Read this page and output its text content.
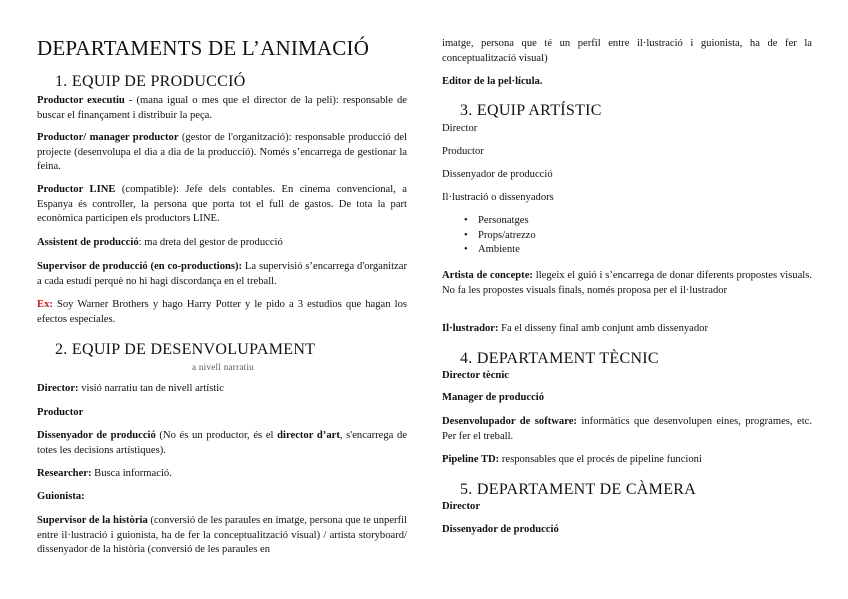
DEPARTAMENTS DE L’ANIMACIÓ
1. EQUIP DE PRODUCCIÓ

Productor executiu - (mana igual o mes que el director de la peli): responsable de buscar el finançament i distribuir la peça.

Productor/ manager productor (gestor de l'organització): responsable producció del projecte (desenvolupa el dia a dia de la producció). Només s’encarrega de gestionar la feina.

Productor LINE (compatible): Jefe dels contables. En cinema convencional, a Espanya és controller, la persona que porta tot el full de gastos. De tota la part econòmica participen els productors LINE.

Assistent de producció: ma dreta del gestor de producció

Supervisor de producció (en co-productions): La supervisió s’encarrega d'organitzar a cada estudi perquè no hi hagi discordança en el treball.

Ex: Soy Warner Brothers y hago Harry Potter y le pido a 3 estudios que hagan los efectos especiales.

2. EQUIP DE DESENVOLUPAMENT
a nivell narratiu

Director: visió narratiu tan de nivell artístic

Productor

Dissenyador de producció (No és un productor, és el director d’art, s'encarrega de totes les decisions artístiques).

Researcher: Busca informació.

Guionista:

Supervisor de la història (conversió de les paraules en imatge, persona que te unperfil entre il·lustració i guionista, ha de fer la conceptualització visual) / artista storyboard/ dissenyador de la història (conversió de les paraules en

imatge, persona que té un perfil entre il·lustració i guionista, ha de fer la conceptualització visual)

Editor de la pel·lícula.

3. EQUIP ARTÍSTIC

Director

Productor

Dissenyador de producció

Il·lustració o dissenyadors

• Personatges
• Props/atrezzo
• Ambiente

Artista de concepte: llegeix el guió i s’encarrega de donar diferents propostes visuals. No fa les propostes visuals finals, només proposa per el il·lustrador

Il·lustrador: Fa el disseny final amb conjunt amb dissenyador

4. DEPARTAMENT TÈCNIC

Director tècnic

Manager de producció

Desenvolupador de software: informàtics que desenvolupen eines, programes, etc. Per fer el treball.

Pipeline TD: responsables que el procés de pipeline funcioni

5. DEPARTAMENT DE CÀMERA

Director

Dissenyador de producció
